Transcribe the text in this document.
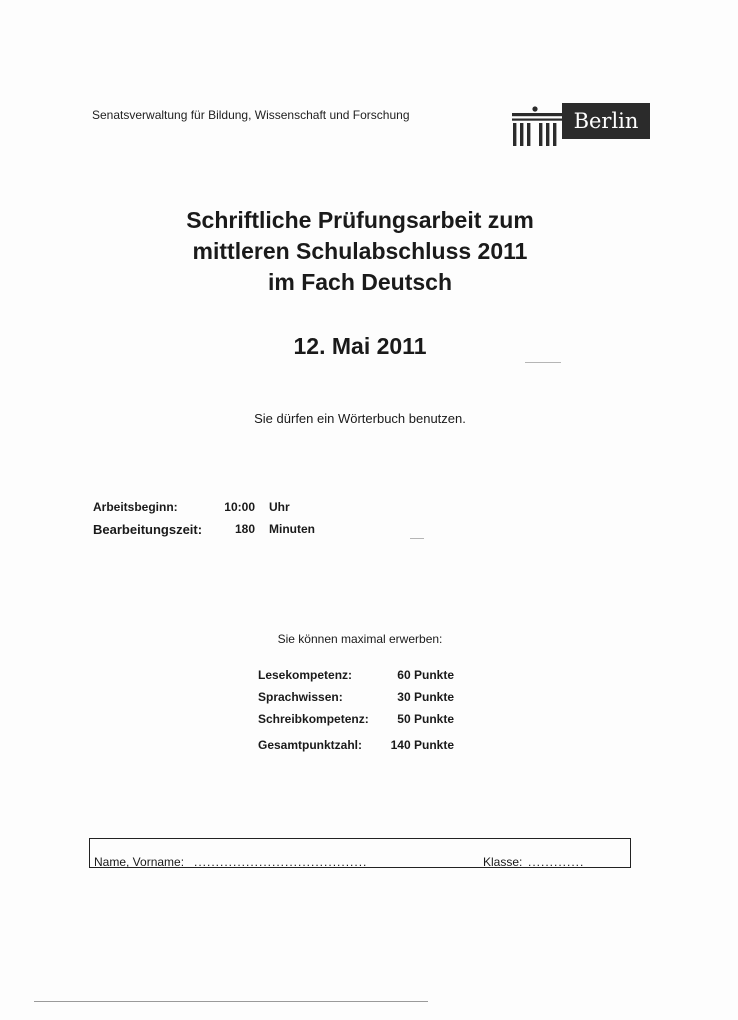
Senatsverwaltung für Bildung, Wissenschaft und Forschung	Berlin
Schriftliche Prüfungsarbeit zum
mittleren Schulabschluss 2011
im Fach Deutsch
12. Mai 2011
Sie dürfen ein Wörterbuch benutzen.
Arbeitsbeginn:	10:00 Uhr
Bearbeitungszeit:	180 Minuten
Sie können maximal erwerben:
Lesekompetenz:	60 Punkte
Sprachwissen:	30 Punkte
Schreibkompetenz: 50 Punkte
Gesamtpunktzahl: 140 Punkte
Name, Vorname: ........................................	Klasse: .............
